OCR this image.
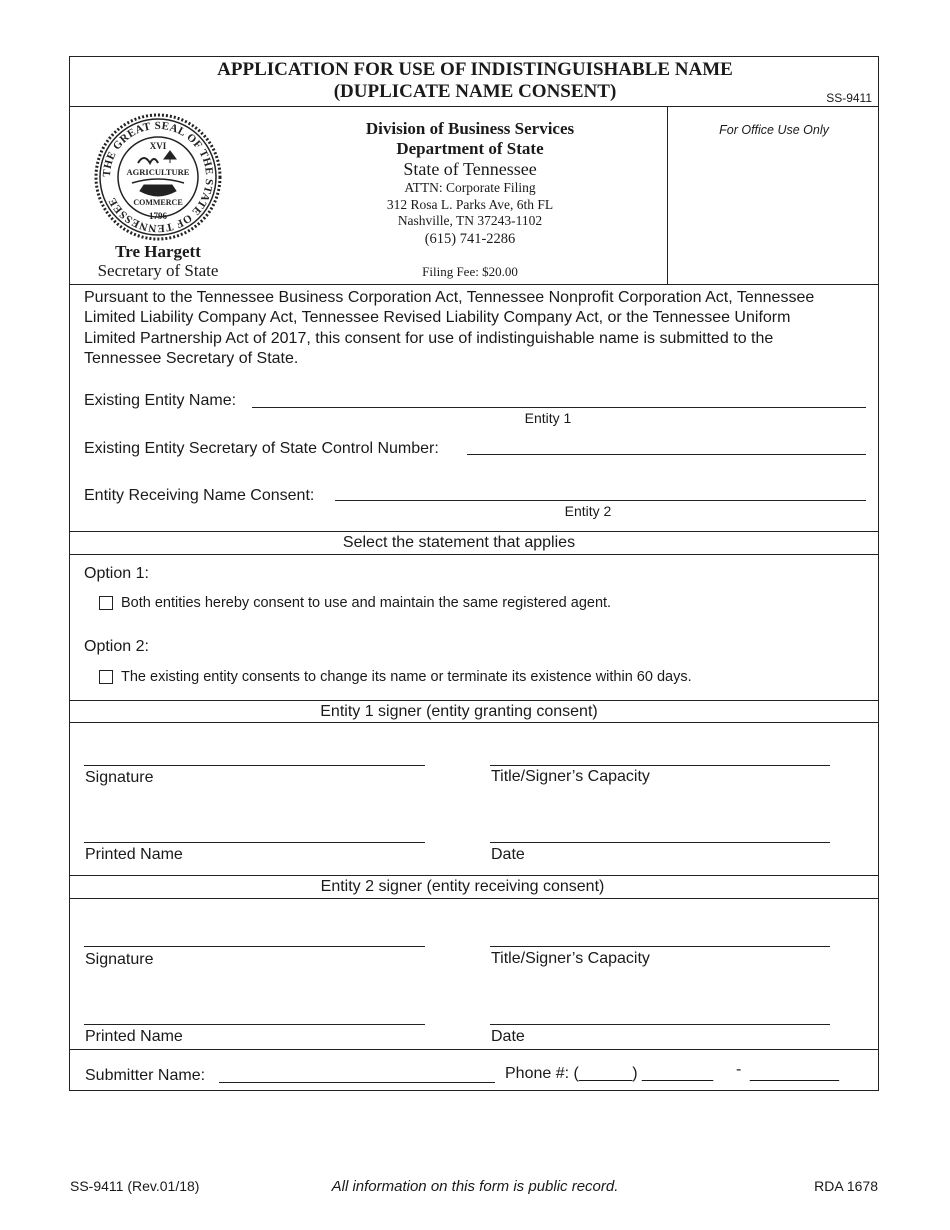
APPLICATION FOR USE OF INDISTINGUISHABLE NAME
(DUPLICATE NAME CONSENT)	SS-9411
THE GREAT SEAL OF THE STATE OF TENNESSEE
XVI
AGRICULTURE
COMMERCE
1796
Tre Hargett
Secretary of State
Division of Business Services
Department of State
State of Tennessee
ATTN: Corporate Filing
312 Rosa L. Parks Ave, 6th FL
Nashville, TN 37243-1102
(615) 741-2286
Filing Fee: $20.00
For Office Use Only
Pursuant to the Tennessee Business Corporation Act, Tennessee Nonprofit Corporation Act, Tennessee
Limited Liability Company Act, Tennessee Revised Liability Company Act, or the Tennessee Uniform
Limited Partnership Act of 2017, this consent for use of indistinguishable name is submitted to the
Tennessee Secretary of State.
Existing Entity Name:
Entity 1
Existing Entity Secretary of State Control Number:
Entity Receiving Name Consent:
Entity 2
Select the statement that applies
Option 1:
Both entities hereby consent to use and maintain the same registered agent.
Option 2:
The existing entity consents to change its name or terminate its existence within 60 days.
Entity 1 signer (entity granting consent)
Signature	Title/Signer’s Capacity
Printed Name	Date
Entity 2 signer (entity receiving consent)
Signature	Title/Signer’s Capacity
Printed Name	Date
Submitter Name:	Phone #: (______) ________ - __________
SS-9411 (Rev.01/18)	All information on this form is public record.	RDA 1678
